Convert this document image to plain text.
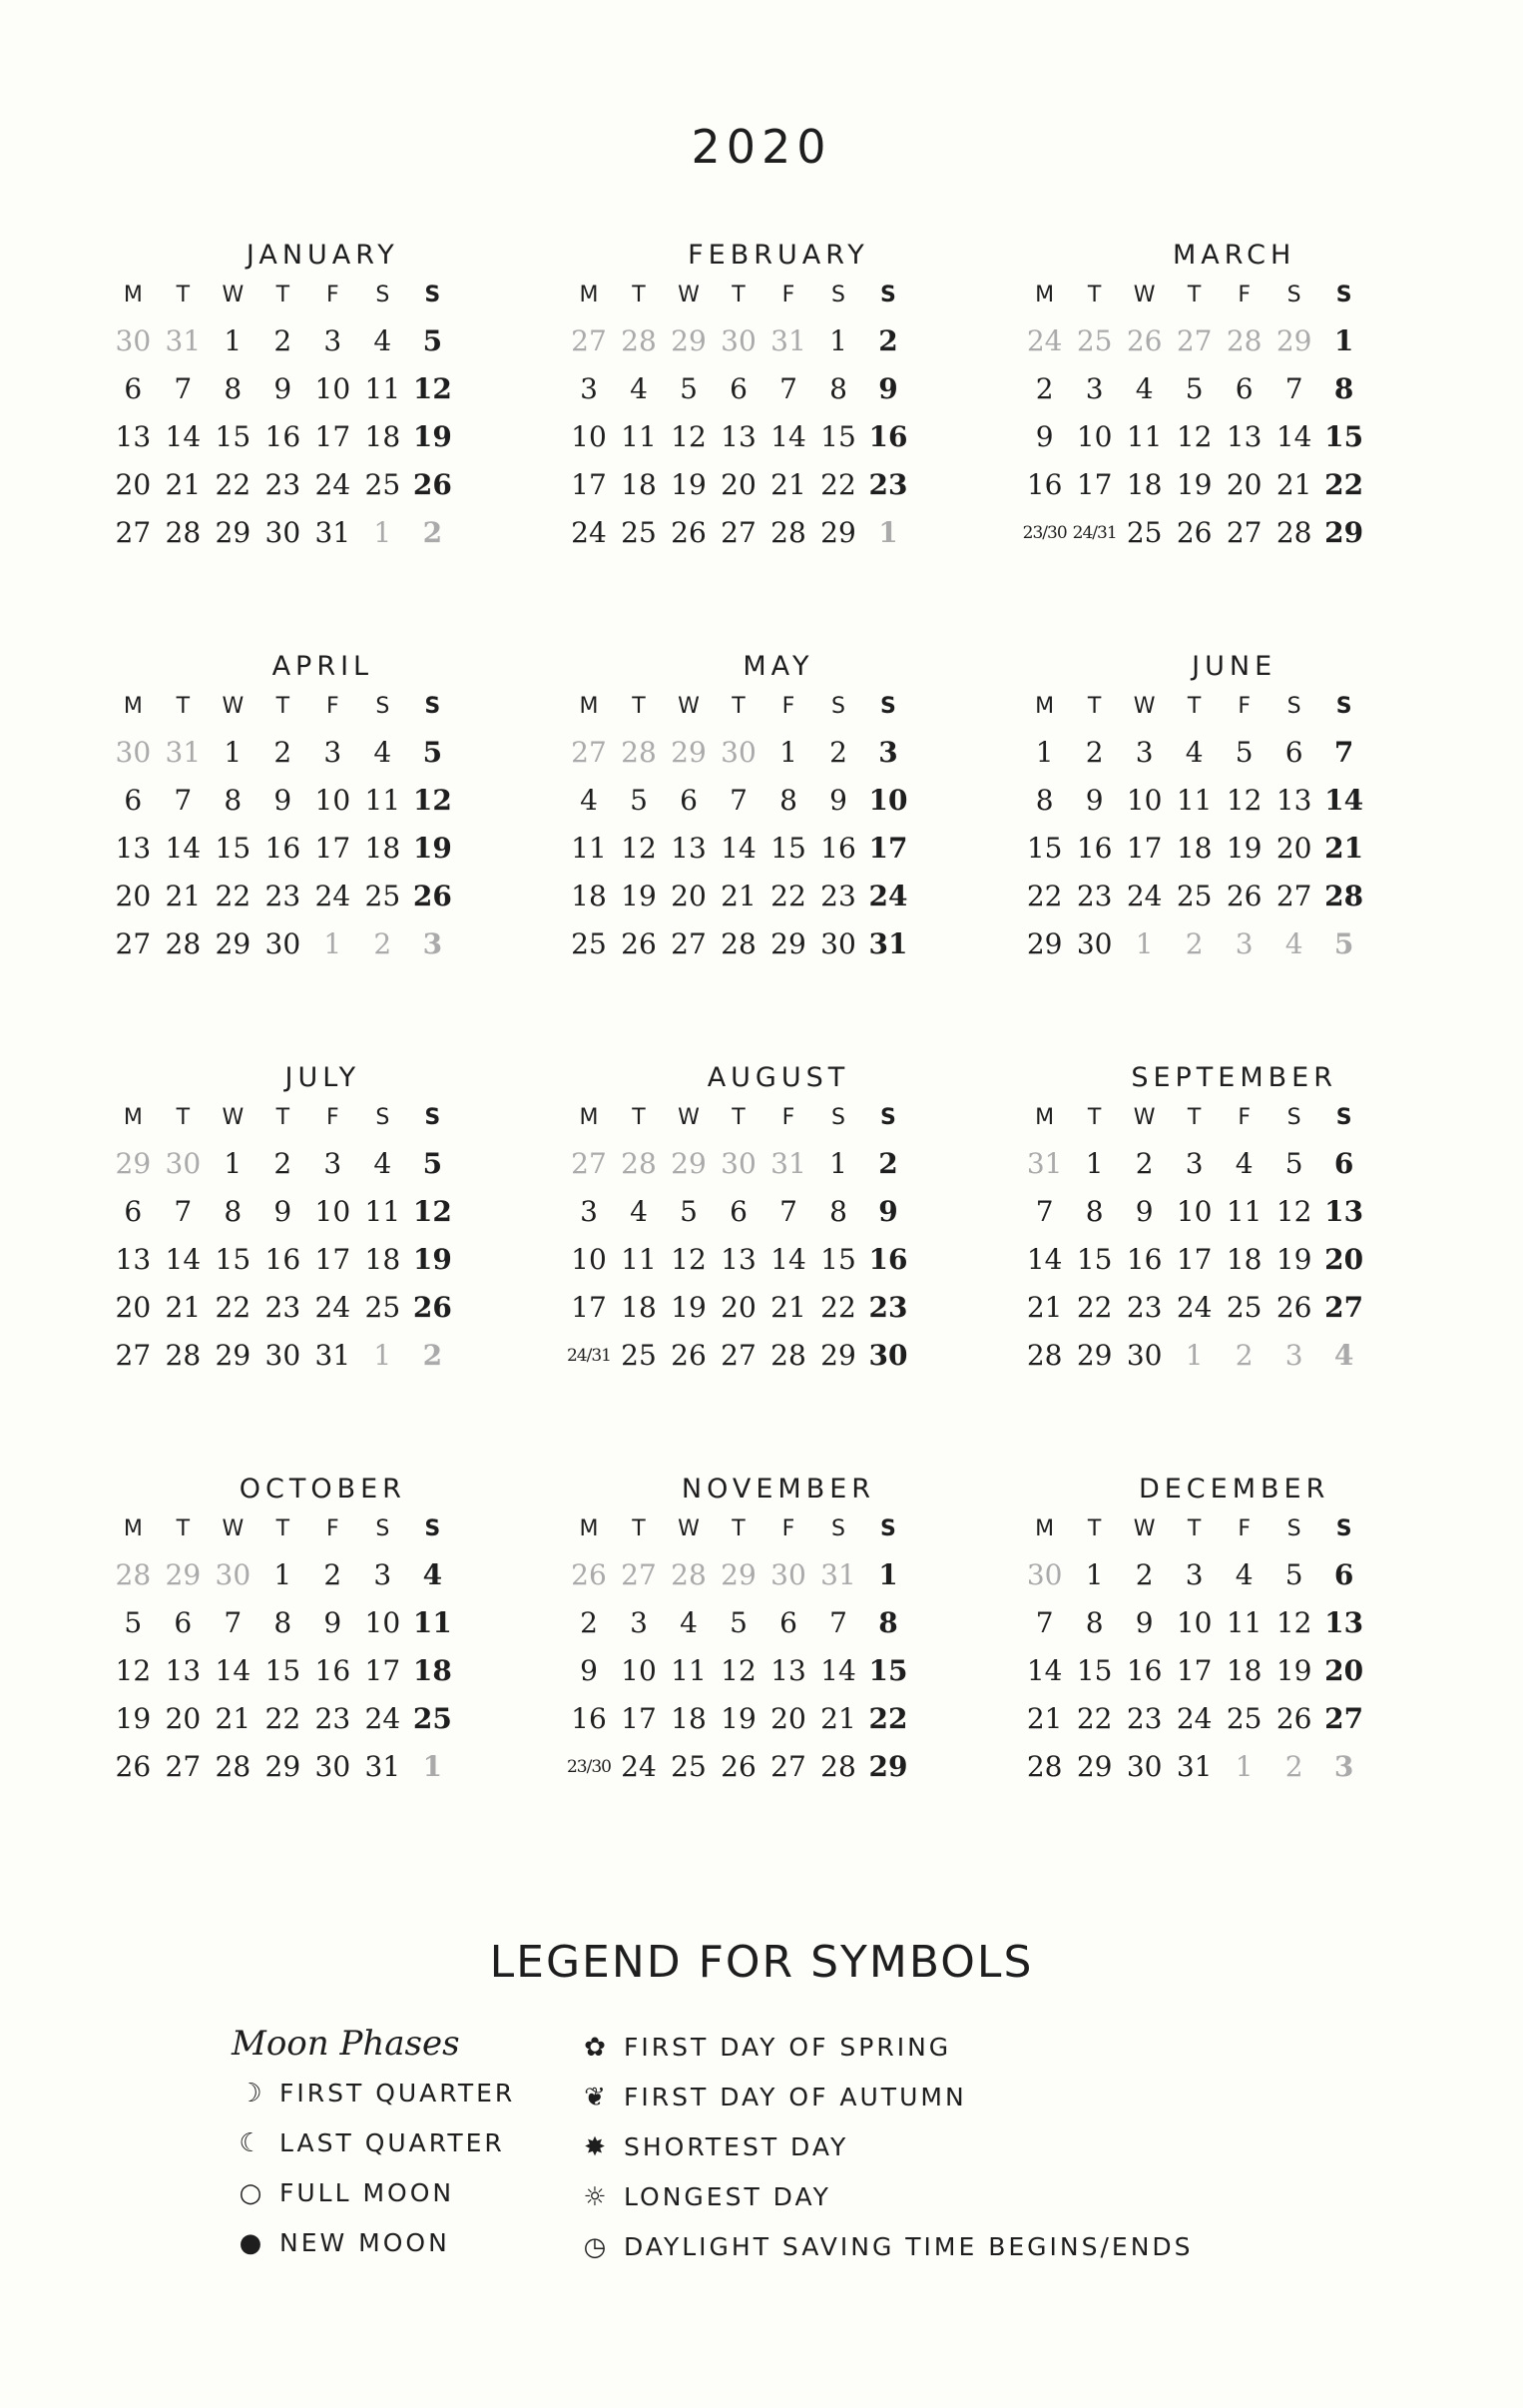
2020
JANUARY
M	T	W	T	F	S	S
30 31 1	2	3	4	5
6	7	8	9 10 11 12
13 14 15 16 17 18 19
20 21 22 23 24 25 26
27 28 29 30 31 1	2
FEBRUARY
M	T	W	T	F	S	S
27 28 29 30 31 1	2
3	4	5	6	7	8	9
10 11 12 13 14 15 16
17 18 19 20 21 22 23
24 25 26 27 28 29 1
MARCH
M	T	W	T	F	S	S
24 25 26 27 28 29 1
2	3	4	5	6	7	8
9 10 11 12 13 14 15
16 17 18 19 20 21 22
23/30 24/31 25 26 27 28 29
APRIL
M	T	W	T	F	S	S
30 31 1	2	3	4	5
6	7	8	9 10 11 12
13 14 15 16 17 18 19
20 21 22 23 24 25 26
27 28 29 30 1	2	3
MAY
M	T	W	T	F	S	S
27 28 29 30 1	2	3
4	5	6	7	8	9 10
11 12 13 14 15 16 17
18 19 20 21 22 23 24
25 26 27 28 29 30 31
JUNE
M	T	W	T	F	S	S
1	2	3	4	5	6	7
8	9 10 11 12 13 14
15 16 17 18 19 20 21
22 23 24 25 26 27 28
29 30 1	2	3	4	5
JULY
M	T	W	T	F	S	S
29 30 1	2	3	4	5
6	7	8	9 10 11 12
13 14 15 16 17 18 19
20 21 22 23 24 25 26
27 28 29 30 31 1	2
AUGUST
M	T	W	T	F	S	S
27 28 29 30 31 1	2
3	4	5	6	7	8	9
10 11 12 13 14 15 16
17 18 19 20 21 22 23
24/31 25 26 27 28 29 30
SEPTEMBER
M	T	W	T	F	S	S
31 1	2	3	4	5	6
7	8	9 10 11 12 13
14 15 16 17 18 19 20
21 22 23 24 25 26 27
28 29 30 1	2	3	4
OCTOBER
M	T	W	T	F	S	S
28 29 30 1	2	3	4
5	6	7	8	9 10 11
12 13 14 15 16 17 18
19 20 21 22 23 24 25
26 27 28 29 30 31 1
NOVEMBER
M	T	W	T	F	S	S
26 27 28 29 30 31 1
2	3	4	5	6	7	8
9 10 11 12 13 14 15
16 17 18 19 20 21 22
23/30 24 25 26 27 28 29
DECEMBER
M	T	W	T	F	S	S
30 1	2	3	4	5	6
7	8	9 10 11 12 13
14 15 16 17 18 19 20
21 22 23 24 25 26 27
28 29 30 31 1	2	3
LEGEND FOR SYMBOLS
Moon Phases
☽ FIRST QUARTER
☾ LAST QUARTER
○ FULL MOON
● NEW MOON
✿ FIRST DAY OF SPRING
❦ FIRST DAY OF AUTUMN
✸ SHORTEST DAY
☼ LONGEST DAY
◷ DAYLIGHT SAVING TIME BEGINS/ENDS
